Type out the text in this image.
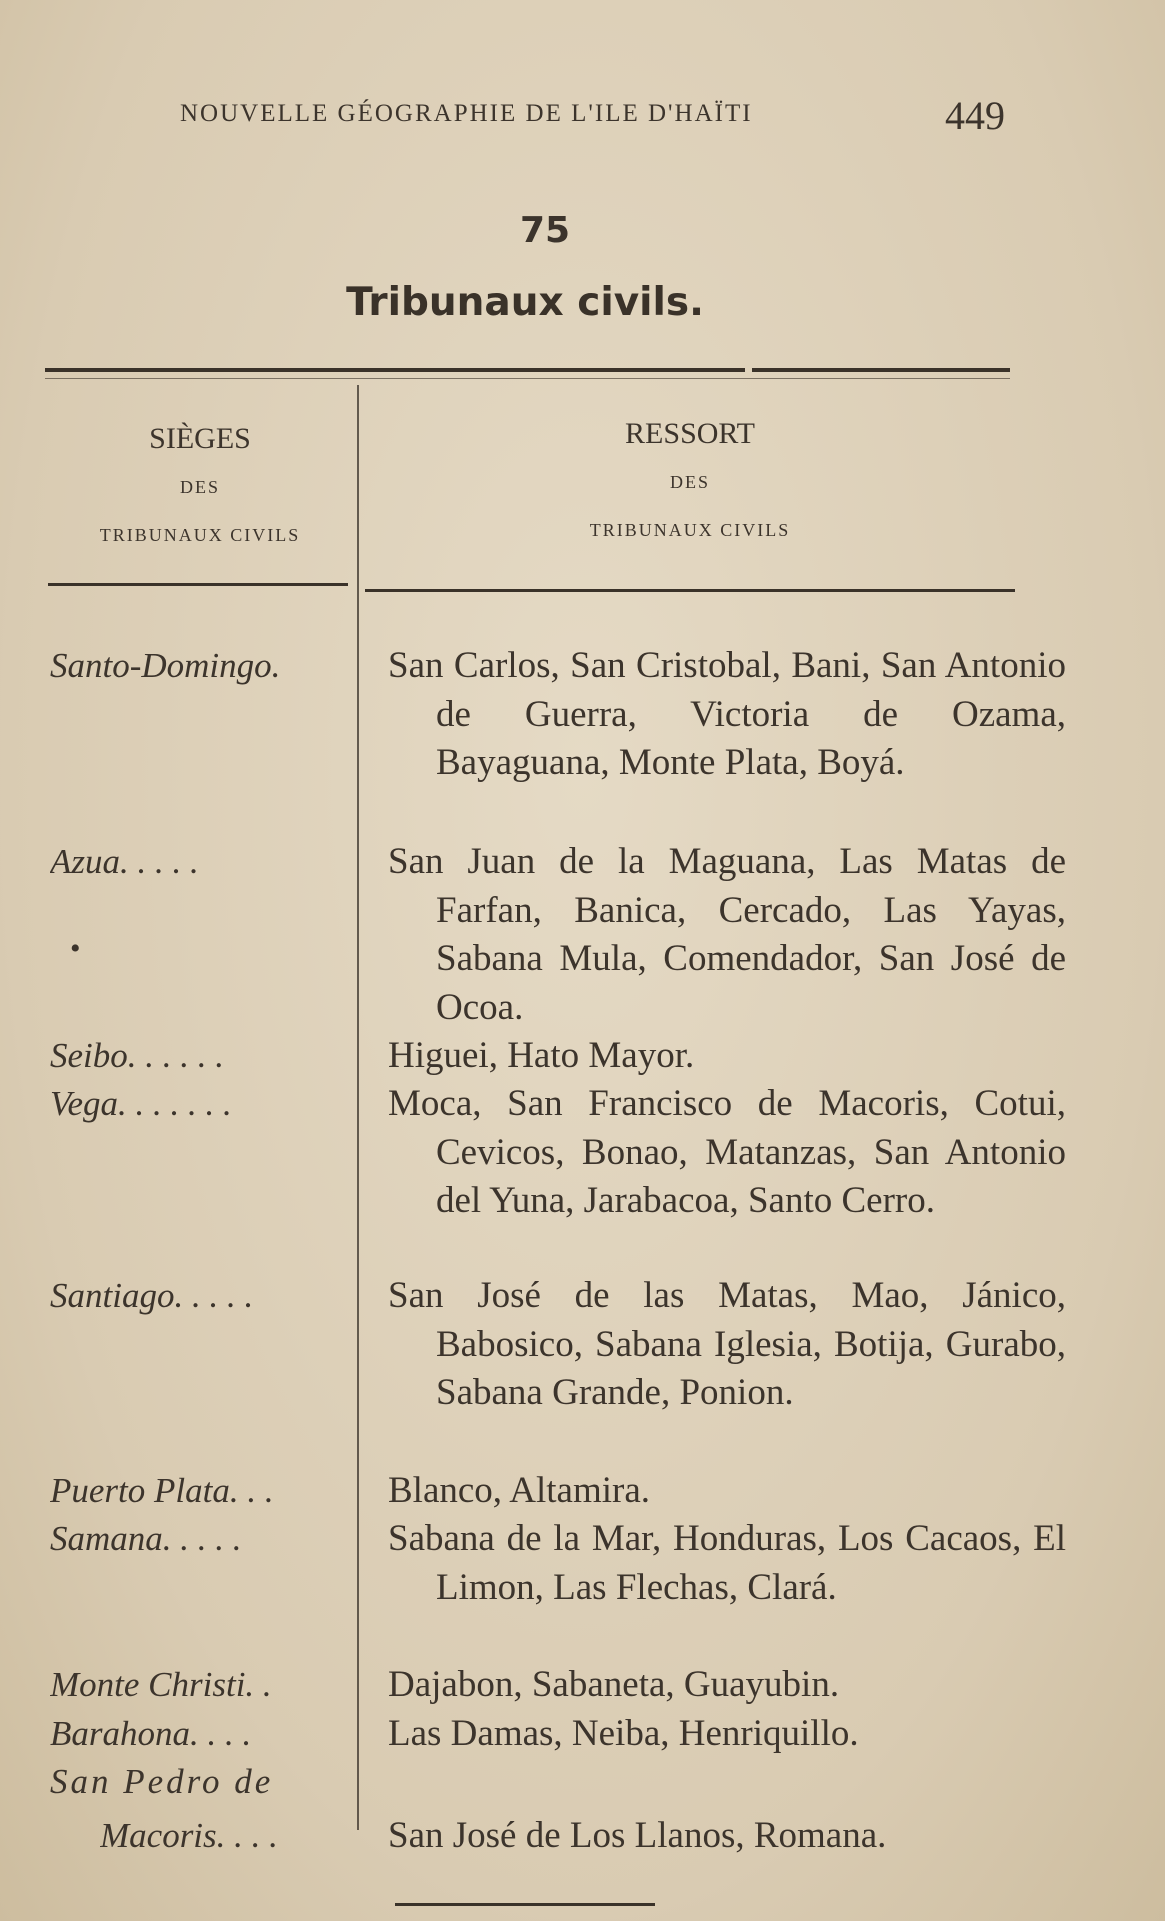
NOUVELLE GÉOGRAPHIE DE L'ILE D'HAÏTI	449
75
Tribunaux civils.
SIÈGES
DES
TRIBUNAUX CIVILS
RESSORT
DES
TRIBUNAUX CIVILS
Santo-Domingo.	San Carlos, San Cristobal, Bani, San Antonio de Guerra, Victoria de Ozama, Bayaguana, Monte Plata, Boyá.
Azua. . . . .	San Juan de la Maguana, Las Matas de Farfan, Banica, Cercado, Las Yayas, Sabana Mula, Comendador, San José de Ocoa.
•
Seibo. . . . . .	Higuei, Hato Mayor.
Vega. . . . . . .	Moca, San Francisco de Macoris, Cotui, Cevicos, Bonao, Matanzas, San Antonio del Yuna, Jarabacoa, Santo Cerro.
Santiago. . . . .	San José de las Matas, Mao, Jánico, Babosico, Sabana Iglesia, Botija, Gurabo, Sabana Grande, Ponion.
Puerto Plata. . .	Blanco, Altamira.
Samana. . . . .	Sabana de la Mar, Honduras, Los Cacaos, El Limon, Las Flechas, Clará.
Monte Christi. .	Dajabon, Sabaneta, Guayubin.
Barahona. . . .	Las Damas, Neiba, Henriquillo.
San Pedro de
Macoris. . . .	San José de Los Llanos, Romana.
